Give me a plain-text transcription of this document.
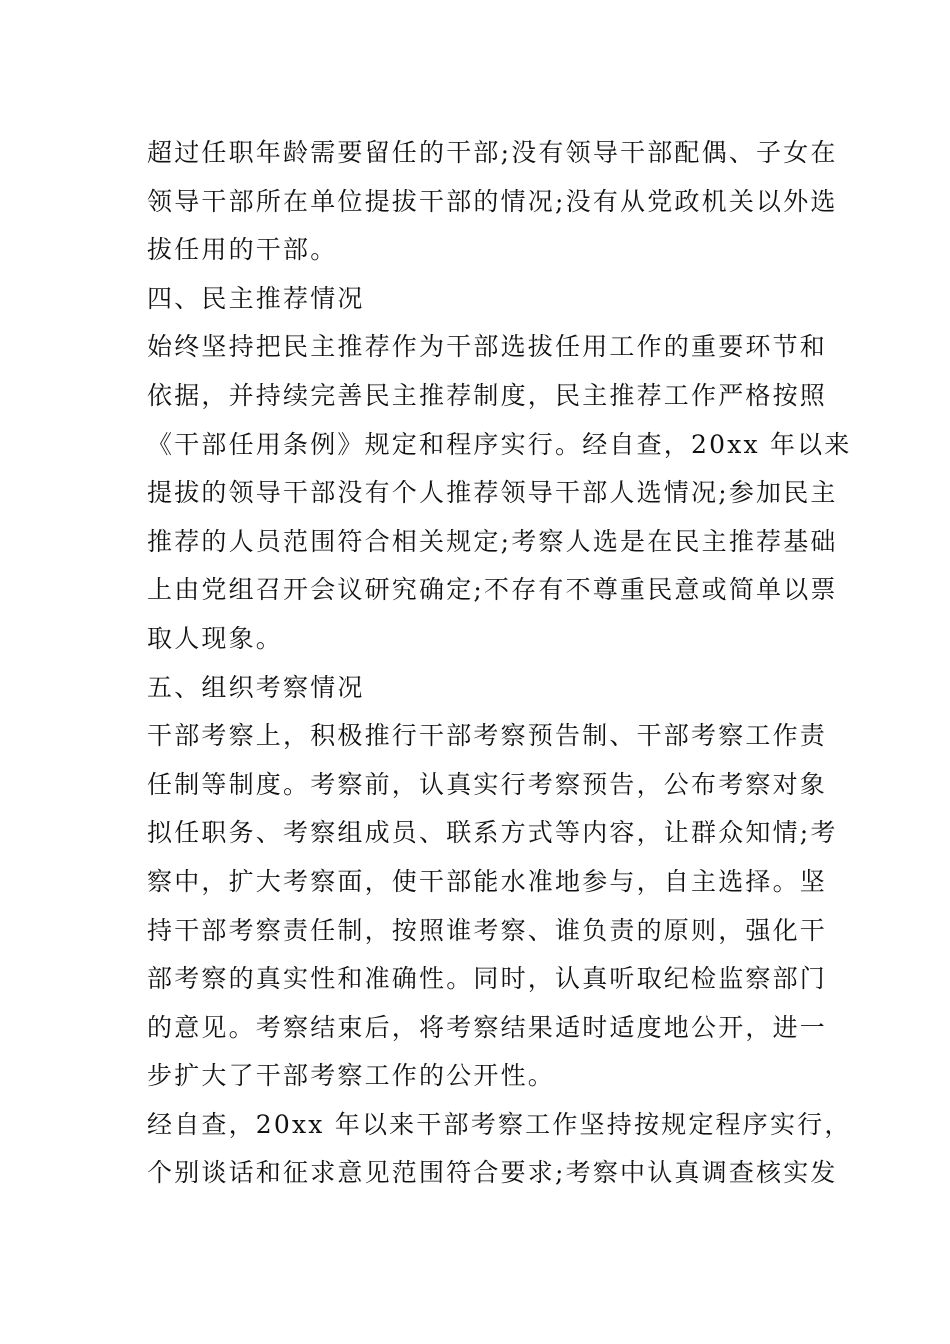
超过任职年龄需要留任的干部;没有领导干部配偶、子女在
领导干部所在单位提拔干部的情况;没有从党政机关以外选
拔任用的干部。
四、民主推荐情况
始终坚持把民主推荐作为干部选拔任用工作的重要环节和
依据，并持续完善民主推荐制度，民主推荐工作严格按照
《干部任用条例》规定和程序实行。经自查，20xx 年以来
提拔的领导干部没有个人推荐领导干部人选情况;参加民主
推荐的人员范围符合相关规定;考察人选是在民主推荐基础
上由党组召开会议研究确定;不存有不尊重民意或简单以票
取人现象。
五、组织考察情况
干部考察上，积极推行干部考察预告制、干部考察工作责
任制等制度。考察前，认真实行考察预告，公布考察对象
拟任职务、考察组成员、联系方式等内容，让群众知情;考
察中，扩大考察面，使干部能水准地参与，自主选择。坚
持干部考察责任制，按照谁考察、谁负责的原则，强化干
部考察的真实性和准确性。同时，认真听取纪检监察部门
的意见。考察结束后，将考察结果适时适度地公开，进一
步扩大了干部考察工作的公开性。
经自查，20xx 年以来干部考察工作坚持按规定程序实行，
个别谈话和征求意见范围符合要求;考察中认真调查核实发
